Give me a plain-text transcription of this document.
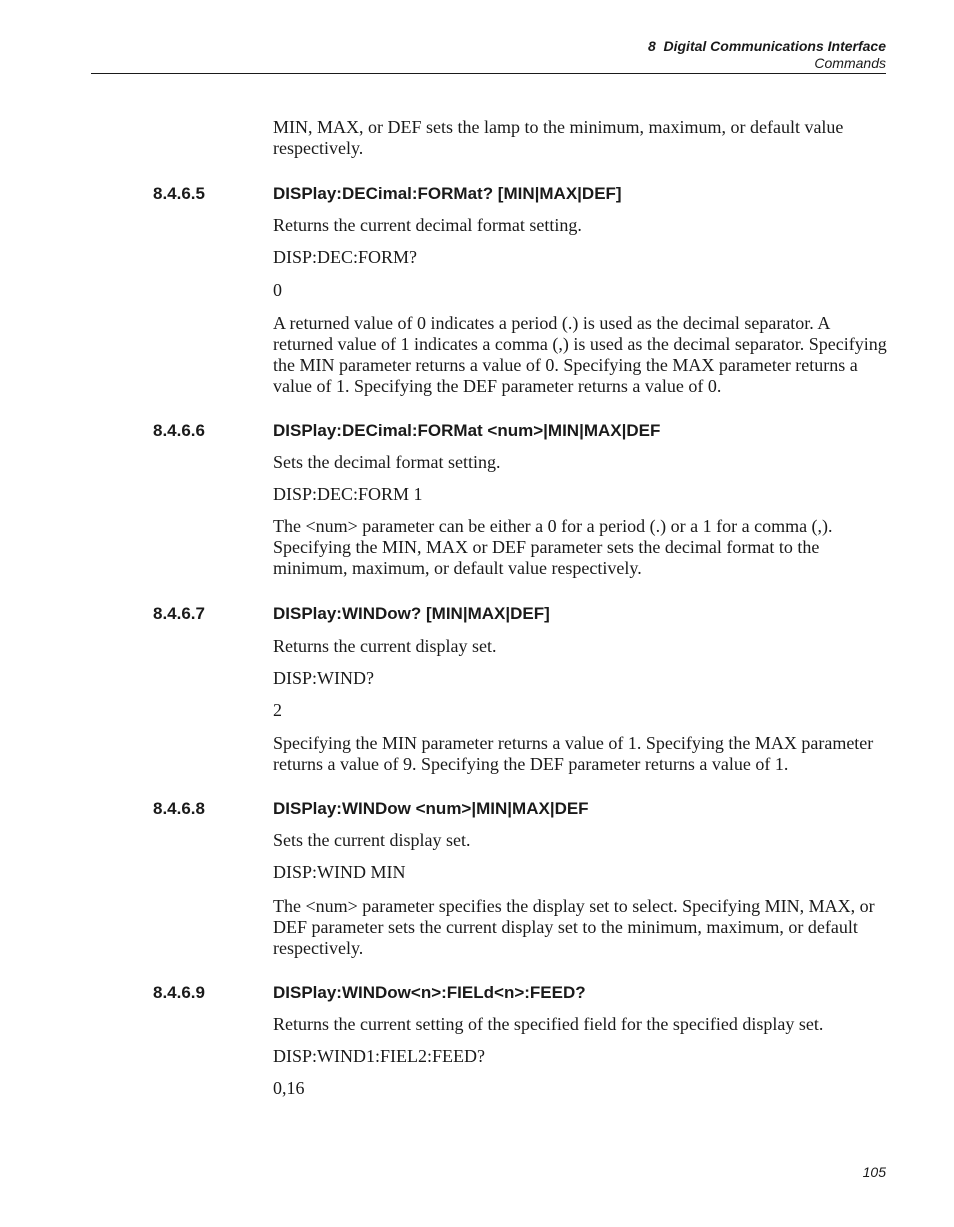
8  Digital Communications Interface
Commands
MIN, MAX, or DEF sets the lamp to the minimum, maximum, or default value respectively.
8.4.6.5	DISPlay:DECimal:FORMat? [MIN|MAX|DEF]
Returns the current decimal format setting.
DISP:DEC:FORM?
0
A returned value of 0 indicates a period (.) is used as the decimal separator. A returned value of 1 indicates a comma (,) is used as the decimal separator. Specifying the MIN parameter returns a value of 0. Specifying the MAX parameter returns a value of 1. Specifying the DEF parameter returns a value of 0.
8.4.6.6	DISPlay:DECimal:FORMat <num>|MIN|MAX|DEF
Sets the decimal format setting.
DISP:DEC:FORM 1
The <num> parameter can be either a 0 for a period (.) or a 1 for a comma (,). Specifying the MIN, MAX or DEF parameter sets the decimal format to the minimum, maximum, or default value respectively.
8.4.6.7	DISPlay:WINDow? [MIN|MAX|DEF]
Returns the current display set.
DISP:WIND?
2
Specifying the MIN parameter returns a value of 1. Specifying the MAX parameter returns a value of 9. Specifying the DEF parameter returns a value of 1.
8.4.6.8	DISPlay:WINDow <num>|MIN|MAX|DEF
Sets the current display set.
DISP:WIND MIN
The <num> parameter specifies the display set to select. Specifying MIN, MAX, or DEF parameter sets the current display set to the minimum, maximum, or default respectively.
8.4.6.9	DISPlay:WINDow<n>:FIELd<n>:FEED?
Returns the current setting of the specified field for the specified display set.
DISP:WIND1:FIEL2:FEED?
0,16
105
